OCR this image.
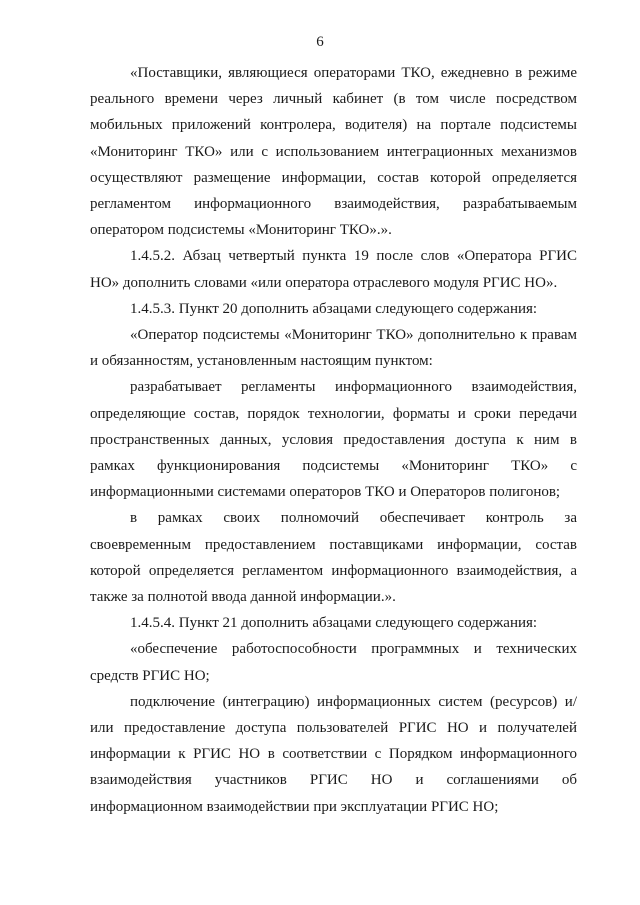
6

«Поставщики, являющиеся операторами ТКО, ежедневно в режиме реального времени через личный кабинет (в том числе посредством мобильных приложений контролера, водителя) на портале подсистемы «Мониторинг ТКО» или с использованием интеграционных механизмов осуществляют размещение информации, состав которой определяется регламентом информационного взаимодействия, разрабатываемым оператором подсистемы «Мониторинг ТКО».».

1.4.5.2. Абзац четвертый пункта 19 после слов «Оператора РГИС НО» дополнить словами «или оператора отраслевого модуля РГИС НО».

1.4.5.3. Пункт 20 дополнить абзацами следующего содержания:

«Оператор подсистемы «Мониторинг ТКО» дополнительно к правам и обязанностям, установленным настоящим пунктом:

разрабатывает регламенты информационного взаимодействия, определяющие состав, порядок технологии, форматы и сроки передачи пространственных данных, условия предоставления доступа к ним в рамках функционирования подсистемы «Мониторинг ТКО» с информационными системами операторов ТКО и Операторов полигонов;

в рамках своих полномочий обеспечивает контроль за своевременным предоставлением поставщиками информации, состав которой определяется регламентом информационного взаимодействия, а также за полнотой ввода данной информации.».

1.4.5.4. Пункт 21 дополнить абзацами следующего содержания:

«обеспечение работоспособности программных и технических средств РГИС НО;

подключение (интеграцию) информационных систем (ресурсов) и/или предоставление доступа пользователей РГИС НО и получателей информации к РГИС НО в соответствии с Порядком информационного взаимодействия участников РГИС НО и соглашениями об информационном взаимодействии при эксплуатации РГИС НО;
